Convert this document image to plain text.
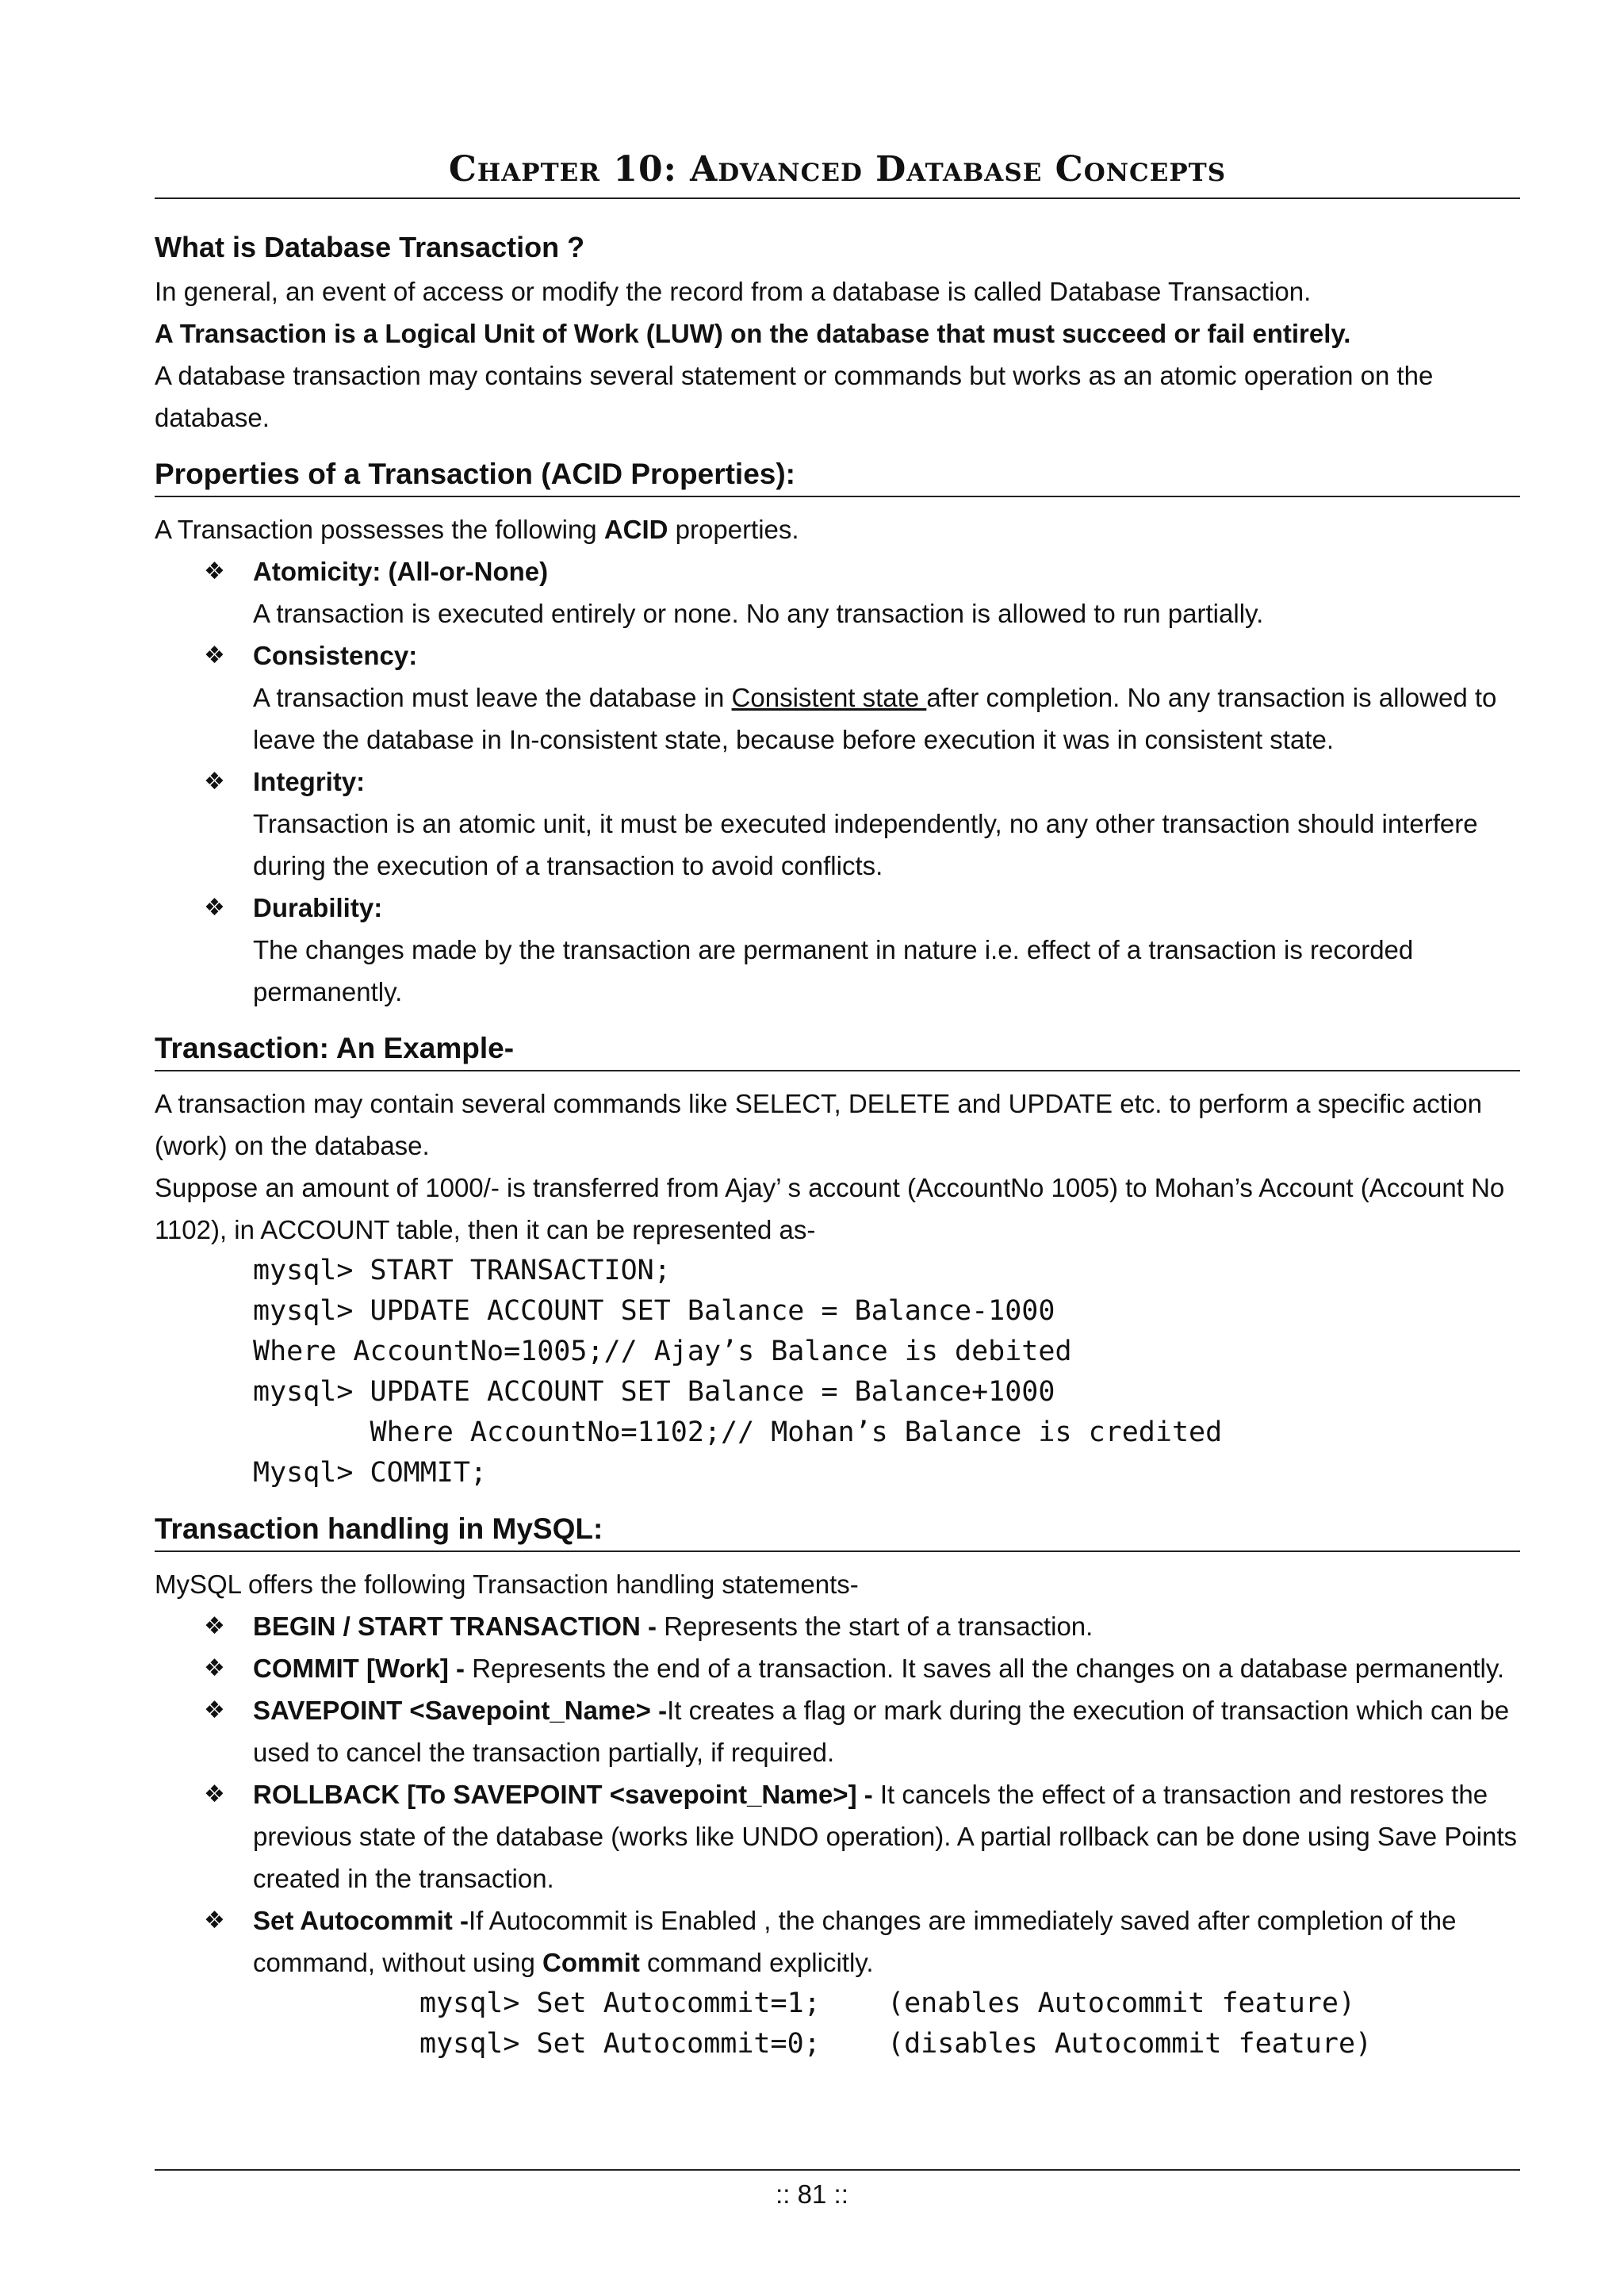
Chapter 10: Advanced Database Concepts
What is Database Transaction ?

In general, an event of access or modify the record from a database is called Database Transaction.

A Transaction is a Logical Unit of Work (LUW) on the database that must succeed or fail entirely.

A database transaction may contains several statement or commands but works as an atomic operation on the database.

Properties of a Transaction (ACID Properties):

A Transaction possesses the following ACID properties.

❖ Atomicity: (All-or-None)
A transaction is executed entirely or none. No any transaction is allowed to run partially.
❖ Consistency:
A transaction must leave the database in Consistent state after completion. No any transaction is allowed to leave the database in In-consistent state, because before execution it was in consistent state.
❖ Integrity:
Transaction is an atomic unit, it must be executed independently, no any other transaction should interfere during the execution of a transaction to avoid conflicts.
❖ Durability:
The changes made by the transaction are permanent in nature i.e. effect of a transaction is recorded permanently.
Transaction: An Example-

A transaction may contain several commands like SELECT, DELETE and UPDATE etc. to perform a specific action (work) on the database.

Suppose an amount of 1000/- is transferred from Ajay’ s account (AccountNo 1005) to Mohan’s Account (Account No 1102), in ACCOUNT table, then it can be represented as-

mysql> START TRANSACTION;
mysql> UPDATE ACCOUNT SET Balance = Balance-1000
Where AccountNo=1005;// Ajay’s Balance is debited
mysql> UPDATE ACCOUNT SET Balance = Balance+1000
Where AccountNo=1102;// Mohan’s Balance is credited
Mysql> COMMIT;
Transaction handling in MySQL:

MySQL offers the following Transaction handling statements-

❖ BEGIN / START TRANSACTION - Represents the start of a transaction.
❖ COMMIT [Work] - Represents the end of a transaction. It saves all the changes on a database permanently.
❖ SAVEPOINT <Savepoint_Name> -It creates a flag or mark during the execution of transaction which can be used to cancel the transaction partially, if required.
❖ ROLLBACK [To SAVEPOINT <savepoint_Name>] - It cancels the effect of a transaction and restores the previous state of the database (works like UNDO operation). A partial rollback can be done using Save Points created in the transaction.
❖ Set Autocommit -If Autocommit is Enabled , the changes are immediately saved after completion of the command, without using Commit command explicitly.
mysql> Set Autocommit=1;    (enables Autocommit feature)
mysql> Set Autocommit=0;    (disables Autocommit feature)
:: 81 ::
